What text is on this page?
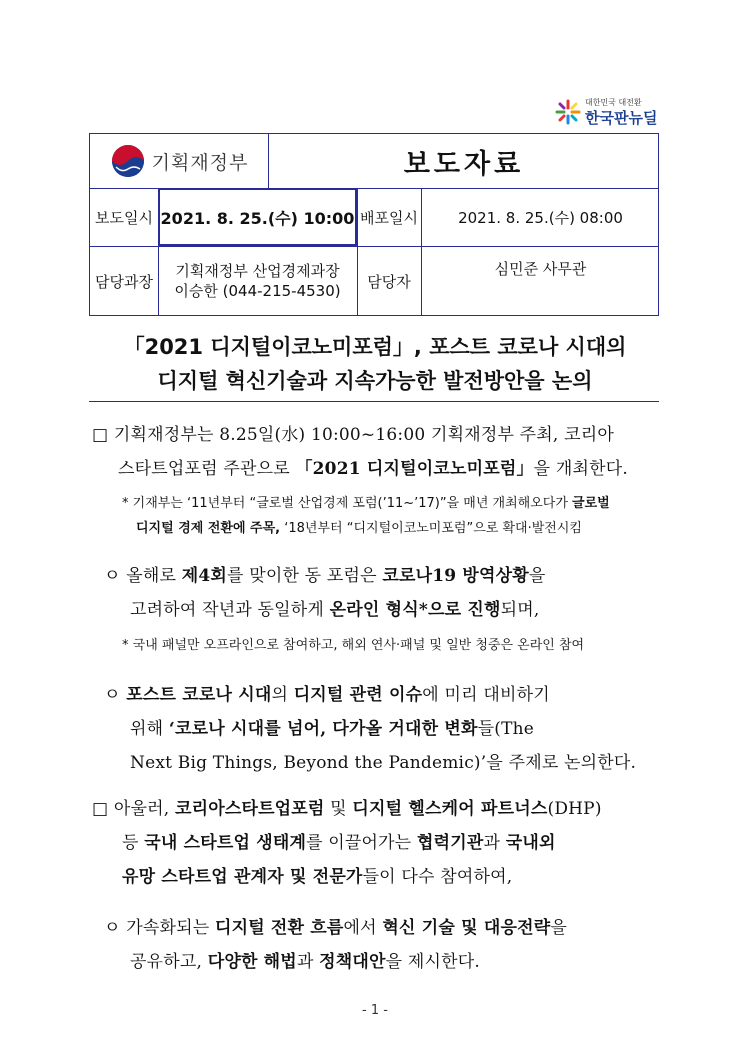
대한민국 대전환
한국판뉴딜
기획재정부	보도자료
보도일시 2021. 8. 25.(수) 10:00 배포일시	2021. 8. 25.(수) 08:00
담당과장
기획재정부 산업경제과장
이승한 (044-215-4530)
담당자
심민준 사무관
「2021 디지털이코노미포럼」, 포스트 코로나 시대의
디지털 혁신기술과 지속가능한 발전방안을 논의
□ 기획재정부는 8.25일(水) 10:00~16:00 기획재정부 주최, 코리아
스타트업포럼 주관으로 「2021 디지털이코노미포럼」을 개최한다.
* 기재부는 ‘11년부터 “글로벌 산업경제 포럼(’11~’17)”을 매년 개최해오다가 글로벌
디지털 경제 전환에 주목, ‘18년부터 “디지털이코노미포럼”으로 확대·발전시킴
ㅇ 올해로 제4회를 맞이한 동 포럼은 코로나19 방역상황을
고려하여 작년과 동일하게 온라인 형식*으로 진행되며,
* 국내 패널만 오프라인으로 참여하고, 해외 연사·패널 및 일반 청중은 온라인 참여
ㅇ 포스트 코로나 시대의 디지털 관련 이슈에 미리 대비하기
위해 ‘코로나 시대를 넘어, 다가올 거대한 변화들(The
Next Big Things, Beyond the Pandemic)’을 주제로 논의한다.
□ 아울러, 코리아스타트업포럼 및 디지털 헬스케어 파트너스(DHP)
등 국내 스타트업 생태계를 이끌어가는 협력기관과 국내외
유망 스타트업 관계자 및 전문가들이 다수 참여하여,
ㅇ 가속화되는 디지털 전환 흐름에서 혁신 기술 및 대응전략을
공유하고, 다양한 해법과 정책대안을 제시한다.
- 1 -
